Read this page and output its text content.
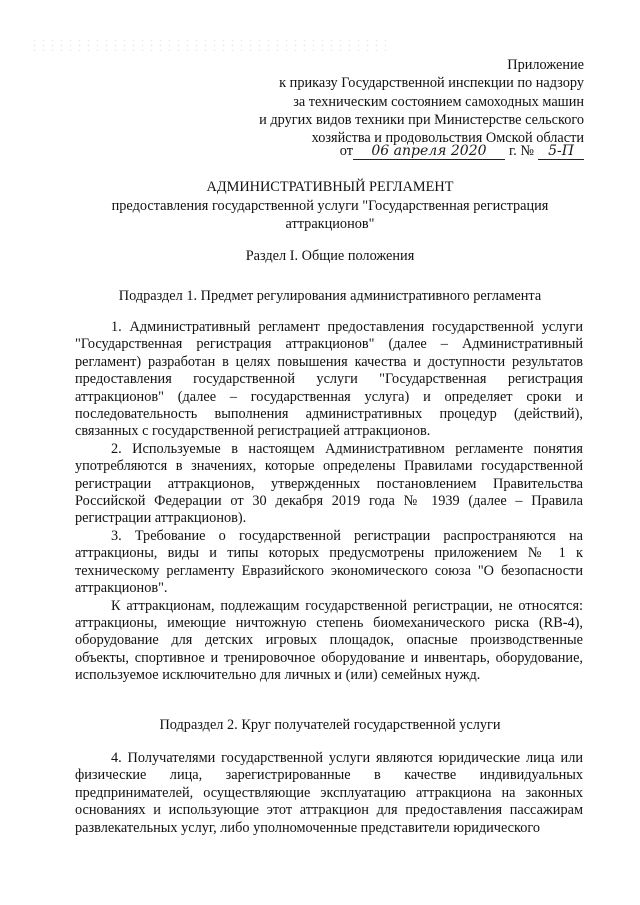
Приложение
к приказу Государственной инспекции по надзору
за техническим состоянием самоходных машин
и других видов техники при Министерстве сельского
хозяйства и продовольствия Омской области
от	06 апреля 2020	г. №	5-П
АДМИНИСТРАТИВНЫЙ РЕГЛАМЕНТ
предоставления государственной услуги "Государственная регистрация
аттракционов"
Раздел I. Общие положения
Подраздел 1. Предмет регулирования административного регламента

1. Административный регламент предоставления государственной услуги "Государственная регистрация аттракционов" (далее – Административный регламент) разработан в целях повышения качества и доступности результатов предоставления государственной услуги "Государственная регистрация аттракционов" (далее – государственная услуга) и определяет сроки и последовательность выполнения административных процедур (действий), связанных с государственной регистрацией аттракционов.

2. Используемые в настоящем Административном регламенте понятия употребляются в значениях, которые определены Правилами государственной регистрации аттракционов, утвержденных постановлением Правительства Российской Федерации от 30 декабря 2019 года № 1939 (далее – Правила регистрации аттракционов).

3. Требование о государственной регистрации распространяются на аттракционы, виды и типы которых предусмотрены приложением № 1 к техническому регламенту Евразийского экономического союза "О безопасности аттракционов".

К аттракционам, подлежащим государственной регистрации, не относятся: аттракционы, имеющие ничтожную степень биомеханического риска (RB-4), оборудование для детских игровых площадок, опасные производственные объекты, спортивное и тренировочное оборудование и инвентарь, оборудование, используемое исключительно для личных и (или) семейных нужд.

Подраздел 2. Круг получателей государственной услуги

4. Получателями государственной услуги являются юридические лица или физические лица, зарегистрированные в качестве индивидуальных предпринимателей, осуществляющие эксплуатацию аттракциона на законных основаниях и использующие этот аттракцион для предоставления пассажирам развлекательных услуг, либо уполномоченные представители юридического
